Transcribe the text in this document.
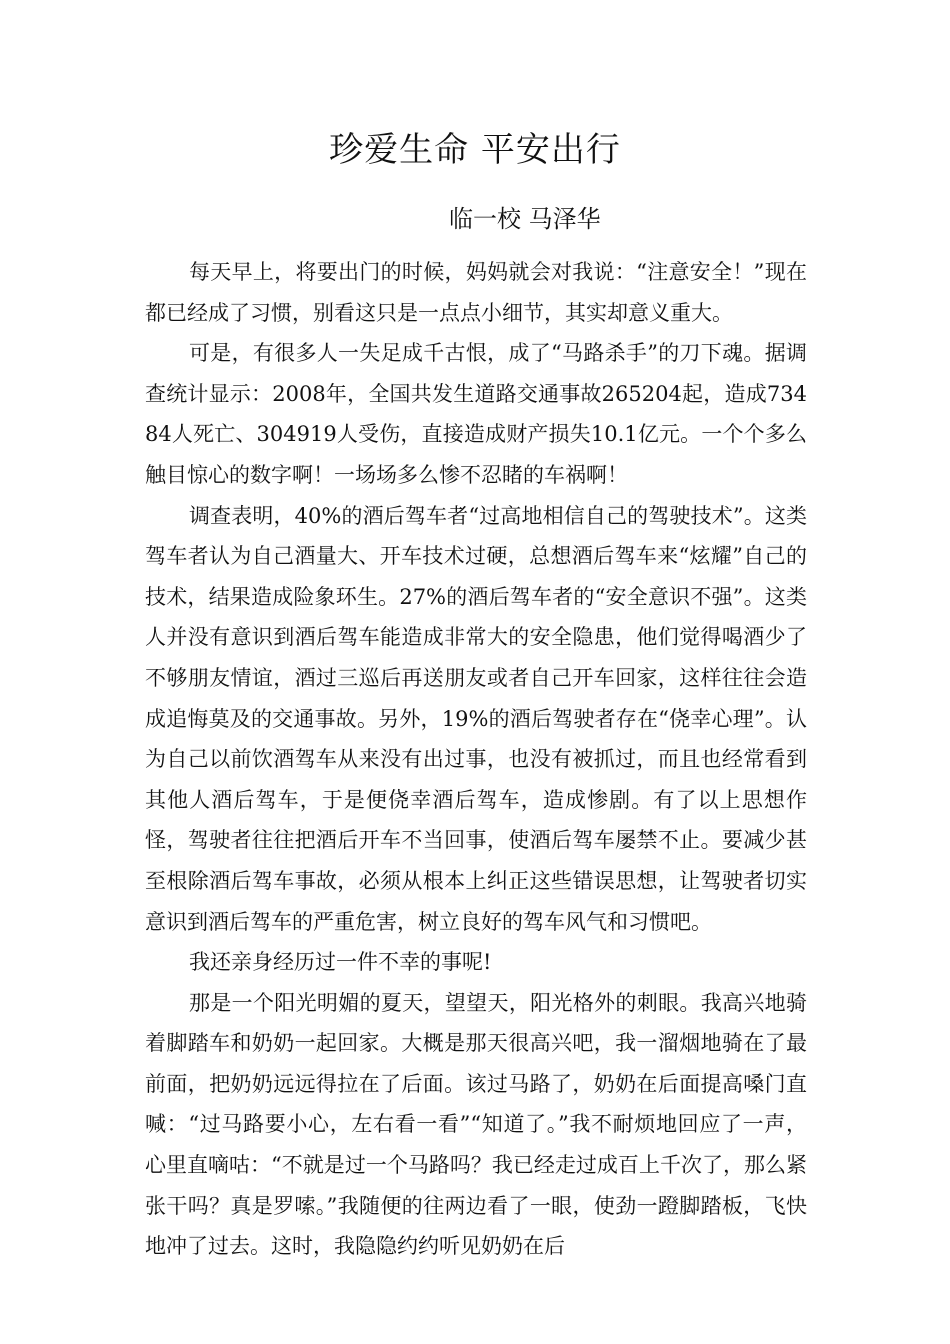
珍爱生命 平安出行
临一校 马泽华

每天早上，将要出门的时候，妈妈就会对我说：“注意安全！”现在都已经成了习惯，别看这只是一点点小细节，其实却意义重大。

可是，有很多人一失足成千古恨，成了“马路杀手”的刀下魂。据调查统计显示：2008年，全国共发生道路交通事故265204起，造成73484人死亡、304919人受伤，直接造成财产损失10.1亿元。一个个多么触目惊心的数字啊！一场场多么惨不忍睹的车祸啊！

调查表明，40%的酒后驾车者“过高地相信自己的驾驶技术”。这类驾车者认为自己酒量大、开车技术过硬，总想酒后驾车来“炫耀”自己的技术，结果造成险象环生。27%的酒后驾车者的“安全意识不强”。这类人并没有意识到酒后驾车能造成非常大的安全隐患，他们觉得喝酒少了不够朋友情谊，酒过三巡后再送朋友或者自己开车回家，这样往往会造成追悔莫及的交通事故。另外，19%的酒后驾驶者存在“侥幸心理”。认为自己以前饮酒驾车从来没有出过事，也没有被抓过，而且也经常看到其他人酒后驾车，于是便侥幸酒后驾车，造成惨剧。有了以上思想作怪，驾驶者往往把酒后开车不当回事，使酒后驾车屡禁不止。要减少甚至根除酒后驾车事故，必须从根本上纠正这些错误思想，让驾驶者切实意识到酒后驾车的严重危害，树立良好的驾车风气和习惯吧。

我还亲身经历过一件不幸的事呢!

那是一个阳光明媚的夏天，望望天，阳光格外的刺眼。我高兴地骑着脚踏车和奶奶一起回家。大概是那天很高兴吧，我一溜烟地骑在了最前面，把奶奶远远得拉在了后面。该过马路了，奶奶在后面提高嗓门直喊：“过马路要小心，左右看一看”“知道了。”我不耐烦地回应了一声，心里直嘀咕：“不就是过一个马路吗？我已经走过成百上千次了，那么紧张干吗？真是罗嗦。”我随便的往两边看了一眼，使劲一蹬脚踏板，飞快地冲了过去。这时，我隐隐约约听见奶奶在后
